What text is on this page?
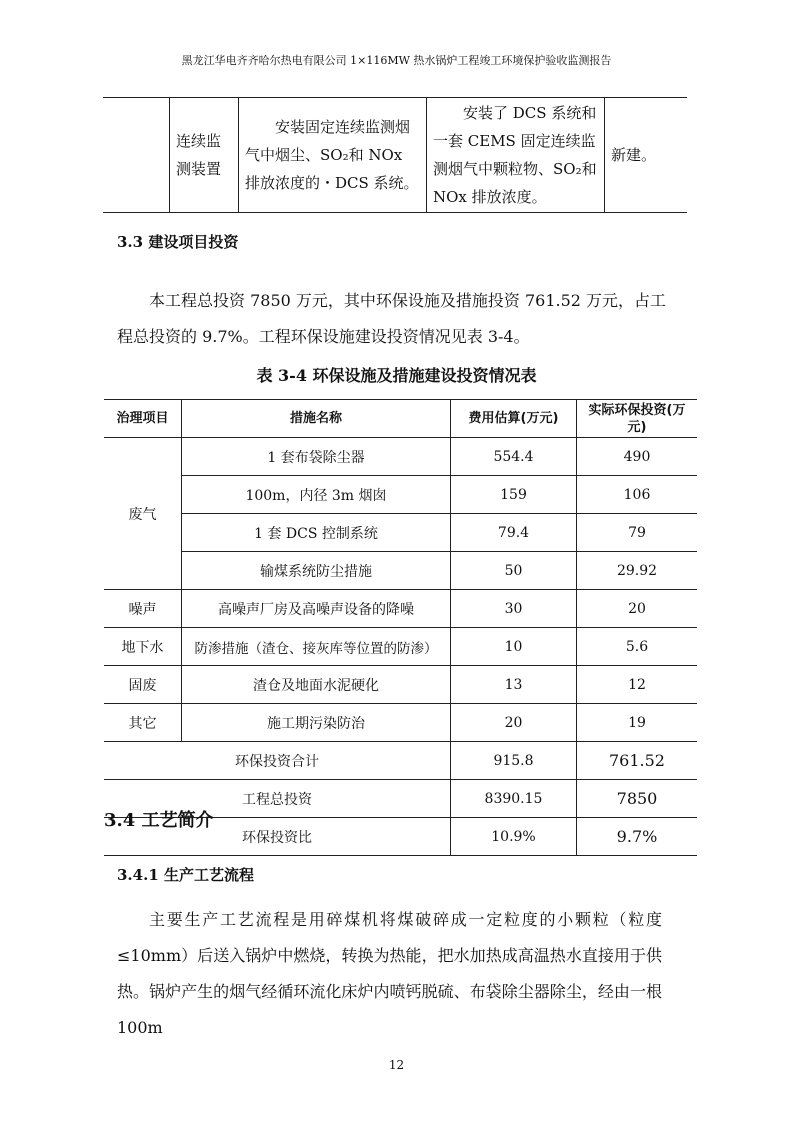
黑龙江华电齐齐哈尔热电有限公司 1×116MW 热水锅炉工程竣工环境保护验收监测报告
	连续监测装置	安装固定连续监测烟气中烟尘、SO₂和 NOx 排放浓度的・DCS 系统。	安装了 DCS 系统和一套 CEMS 固定连续监测烟气中颗粒物、SO₂和 NOx 排放浓度。	新建。
3.3 建设项目投资
本工程总投资 7850 万元，其中环保设施及措施投资 761.52 万元，占工程总投资的 9.7%。工程环保设施建设投资情况见表 3-4。
表 3-4 环保设施及措施建设投资情况表
治理项目	措施名称	费用估算(万元)	实际环保投资(万元)
废气	1 套布袋除尘器	554.4	490
	100m，内径 3m 烟囱	159	106
	1 套 DCS 控制系统	79.4	79
	输煤系统防尘措施	50	29.92
噪声	高噪声厂房及高噪声设备的降噪	30	20
地下水	防渗措施（渣仓、接灰库等位置的防渗）	10	5.6
固废	渣仓及地面水泥硬化	13	12
其它	施工期污染防治	20	19
环保投资合计		915.8	761.52
工程总投资		8390.15	7850
环保投资比		10.9%	9.7%
3.4 工艺简介
3.4.1 生产工艺流程
主要生产工艺流程是用碎煤机将煤破碎成一定粒度的小颗粒（粒度≤10mm）后送入锅炉中燃烧，转换为热能，把水加热成高温热水直接用于供热。锅炉产生的烟气经循环流化床炉内喷钙脱硫、布袋除尘器除尘，经由一根 100m
12
